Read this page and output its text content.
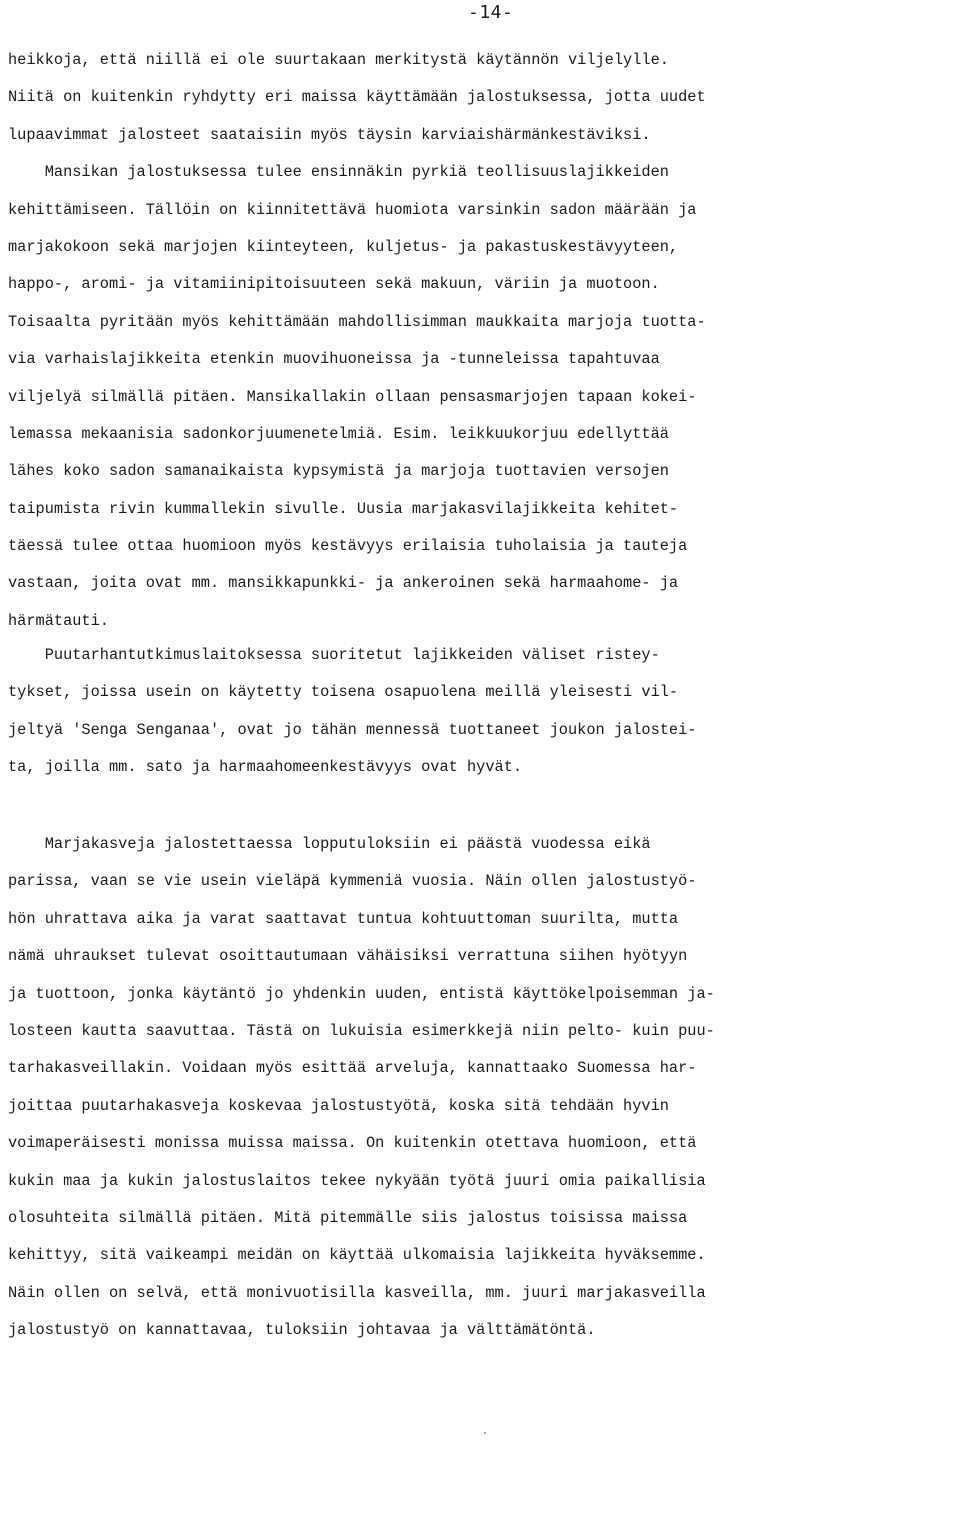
-14-
heikkoja, että niillä ei ole suurtakaan merkitystä käytännön viljelylle.
Niitä on kuitenkin ryhdytty eri maissa käyttämään jalostuksessa, jotta uudet
lupaavimmat jalosteet saataisiin myös täysin karviaishärmänkestäviksi.
Mansikan jalostuksessa tulee ensinnäkin pyrkiä teollisuuslajikkeiden
kehittämiseen. Tällöin on kiinnitettävä huomiota varsinkin sadon määrään ja
marjakokoon sekä marjojen kiinteyteen, kuljetus- ja pakastuskestävyyteen,
happo-, aromi- ja vitamiinipitoisuuteen sekä makuun, väriin ja muotoon.
Toisaalta pyritään myös kehittämään mahdollisimman maukkaita marjoja tuotta-
via varhaislajikkeita etenkin muovihuoneissa ja -tunneleissa tapahtuvaa
viljelyä silmällä pitäen. Mansikallakin ollaan pensasmarjojen tapaan kokei-
lemassa mekaanisia sadonkorjuumenetelmiä. Esim. leikkuukorjuu edellyttää
lähes koko sadon samanaikaista kypsymistä ja marjoja tuottavien versojen
taipumista rivin kummallekin sivulle. Uusia marjakasvilajikkeita kehitet-
täessä tulee ottaa huomioon myös kestävyys erilaisia tuholaisia ja tauteja
vastaan, joita ovat mm. mansikkapunkki- ja ankeroinen sekä harmaahome- ja
härmätauti.
Puutarhantutkimuslaitoksessa suoritetut lajikkeiden väliset ristey-
tykset, joissa usein on käytetty toisena osapuolena meillä yleisesti vil-
jeltyä 'Senga Senganaa', ovat jo tähän mennessä tuottaneet joukon jalostei-
ta, joilla mm. sato ja harmaahomeenkestävyys ovat hyvät.
Marjakasveja jalostettaessa lopputuloksiin ei päästä vuodessa eikä
parissa, vaan se vie usein vieläpä kymmeniä vuosia. Näin ollen jalostustyö-
hön uhrattava aika ja varat saattavat tuntua kohtuuttoman suurilta, mutta
nämä uhraukset tulevat osoittautumaan vähäisiksi verrattuna siihen hyötyyn
ja tuottoon, jonka käytäntö jo yhdenkin uuden, entistä käyttökelpoisemman ja-
losteen kautta saavuttaa. Tästä on lukuisia esimerkkejä niin pelto- kuin puu-
tarhakasveillakin. Voidaan myös esittää arveluja, kannattaako Suomessa har-
joittaa puutarhakasveja koskevaa jalostustyötä, koska sitä tehdään hyvin
voimaperäisesti monissa muissa maissa. On kuitenkin otettava huomioon, että
kukin maa ja kukin jalostuslaitos tekee nykyään työtä juuri omia paikallisia
olosuhteita silmällä pitäen. Mitä pitemmälle siis jalostus toisissa maissa
kehittyy, sitä vaikeampi meidän on käyttää ulkomaisia lajikkeita hyväksemme.
Näin ollen on selvä, että monivuotisilla kasveilla, mm. juuri marjakasveilla
jalostustyö on kannattavaa, tuloksiin johtavaa ja välttämätöntä.
